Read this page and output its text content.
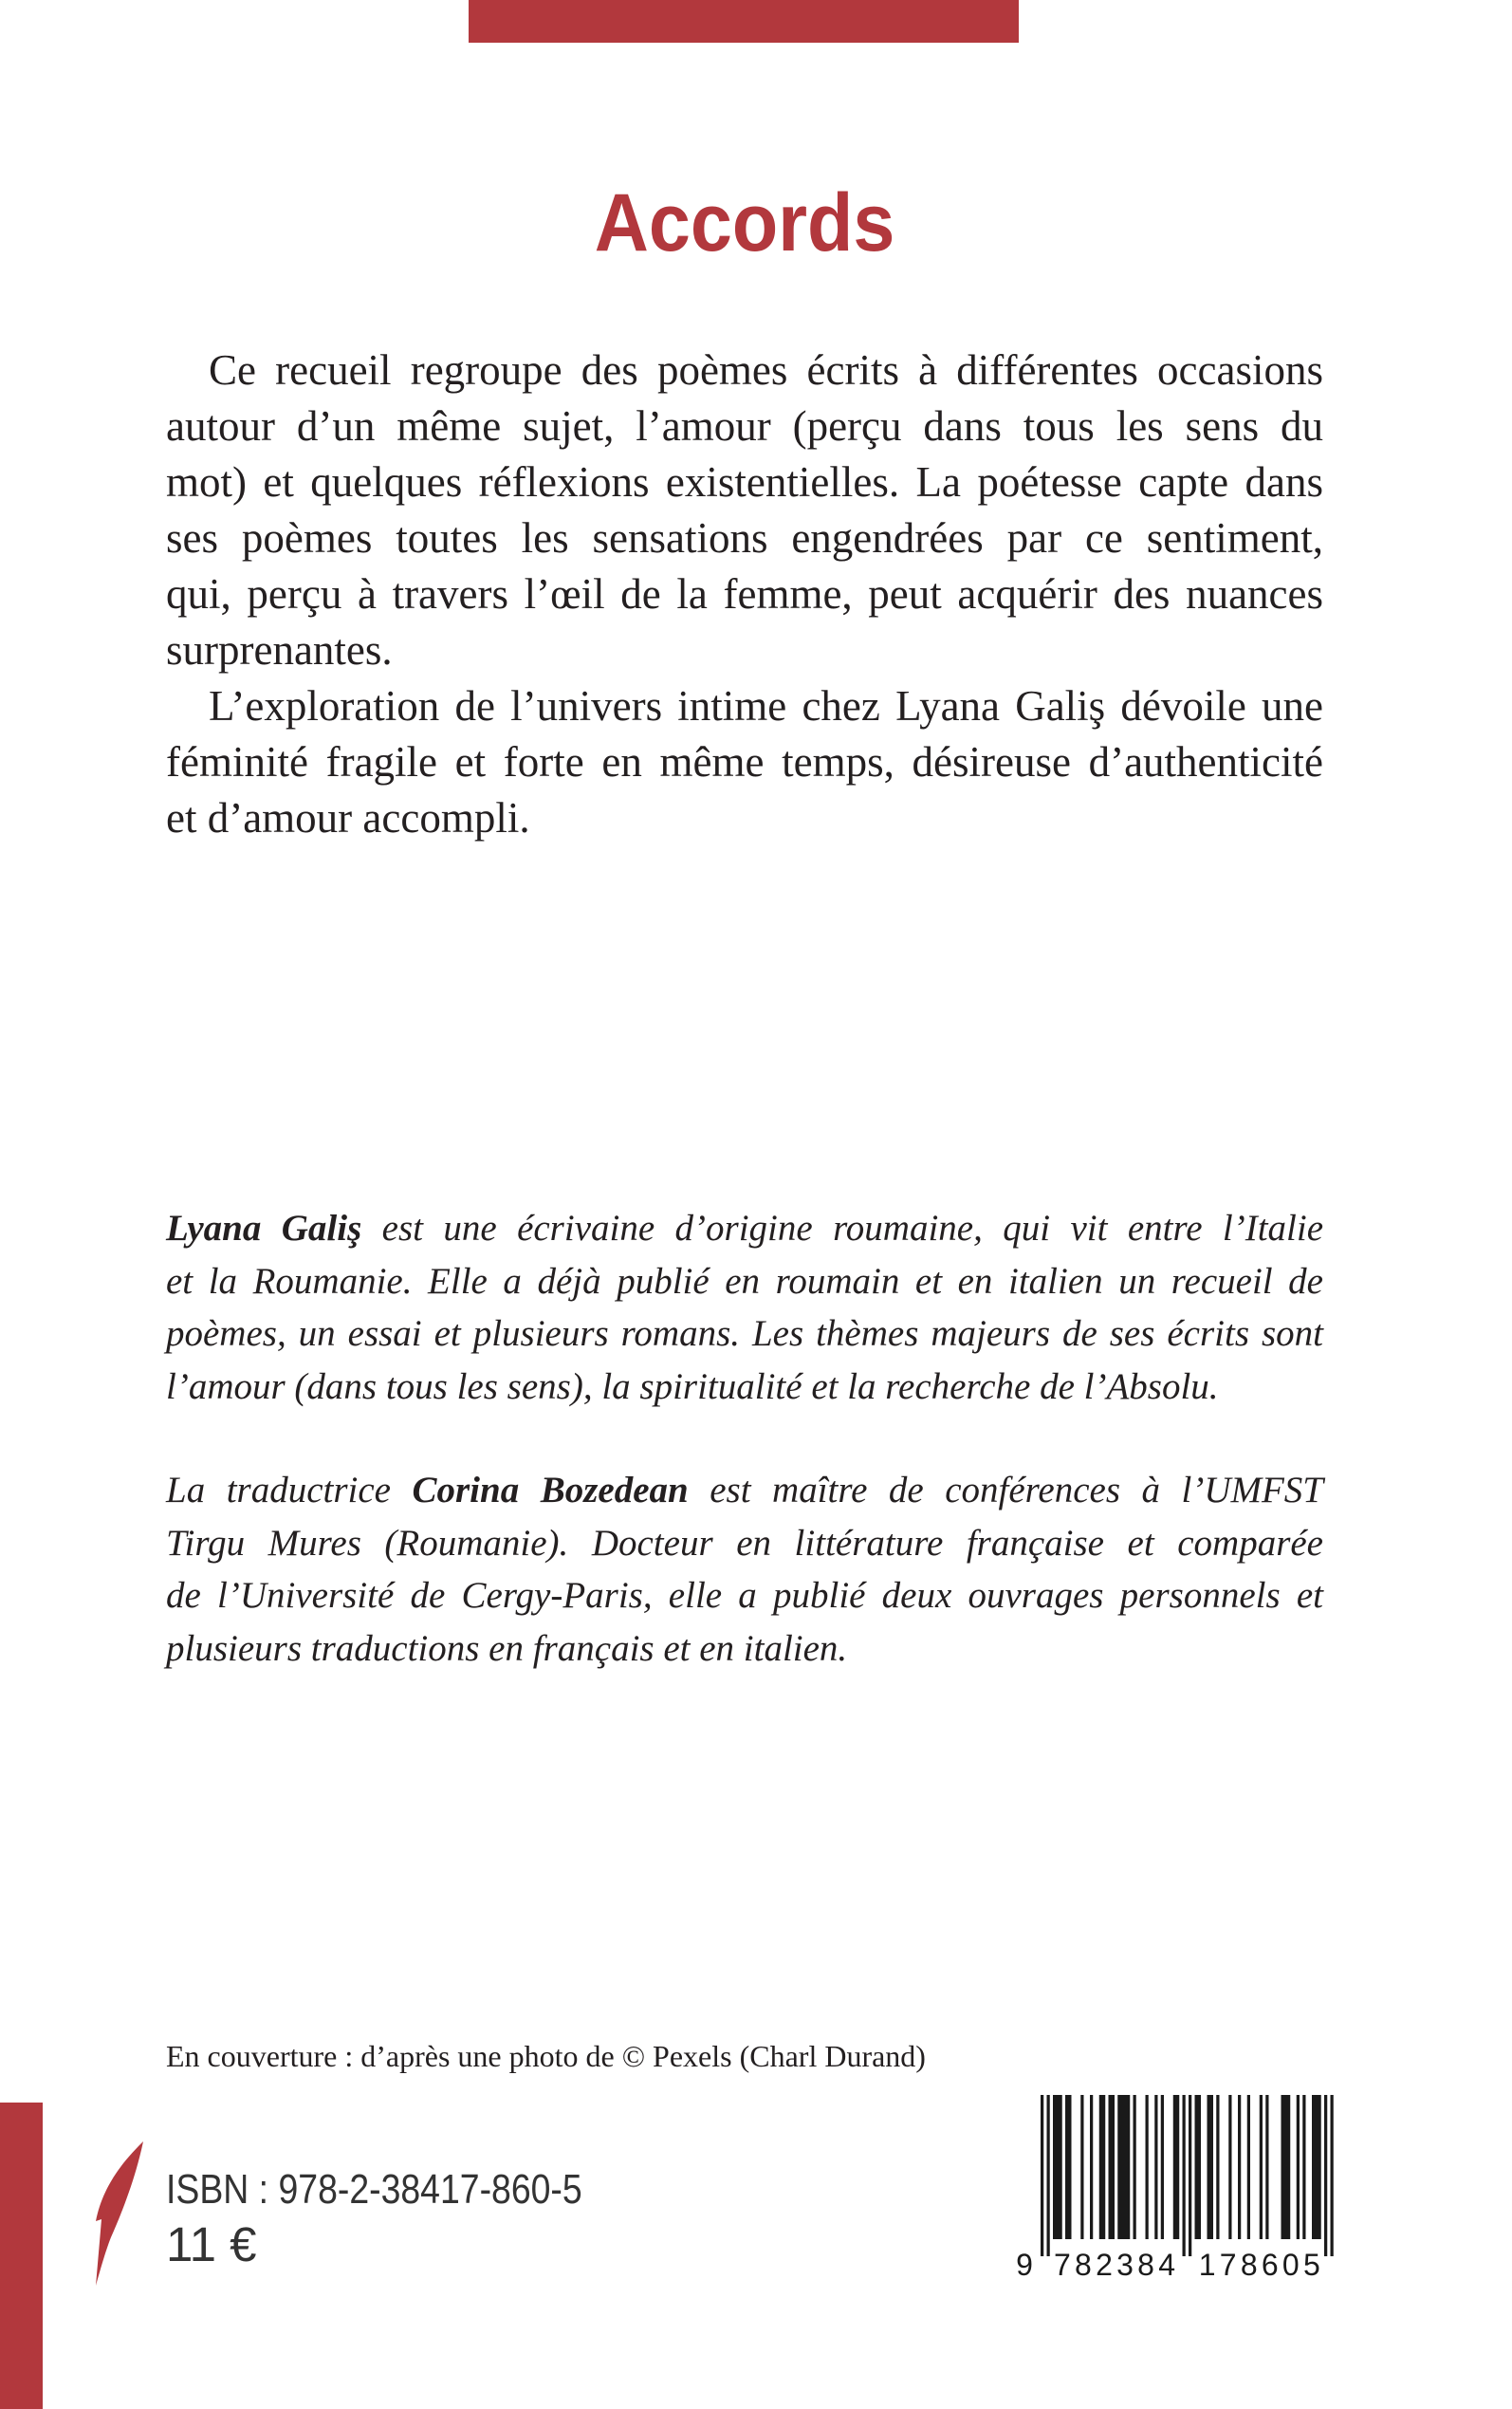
Accords
Ce recueil regroupe des poèmes écrits à différentes occasions
autour d’un même sujet, l’amour (perçu dans tous les sens du
mot) et quelques réflexions existentielles. La poétesse capte dans
ses poèmes toutes les sensations engendrées par ce sentiment,
qui, perçu à travers l’œil de la femme, peut acquérir des nuances
surprenantes.
L’exploration de l’univers intime chez Lyana Galiş dévoile une
féminité fragile et forte en même temps, désireuse d’authenticité
et d’amour accompli.
Lyana Galiş est une écrivaine d’origine roumaine, qui vit entre l’Italie
et la Roumanie. Elle a déjà publié en roumain et en italien un recueil de
poèmes, un essai et plusieurs romans. Les thèmes majeurs de ses écrits sont
l’amour (dans tous les sens), la spiritualité et la recherche de l’Absolu.
La traductrice Corina Bozedean est maître de conférences à l’UMFST
Tirgu Mures (Roumanie). Docteur en littérature française et comparée
de l’Université de Cergy-Paris, elle a publié deux ouvrages personnels et
plusieurs traductions en français et en italien.
En couverture : d’après une photo de © Pexels (Charl Durand)
ISBN : 978-2-38417-860-5
11 €	9 782384 178605
